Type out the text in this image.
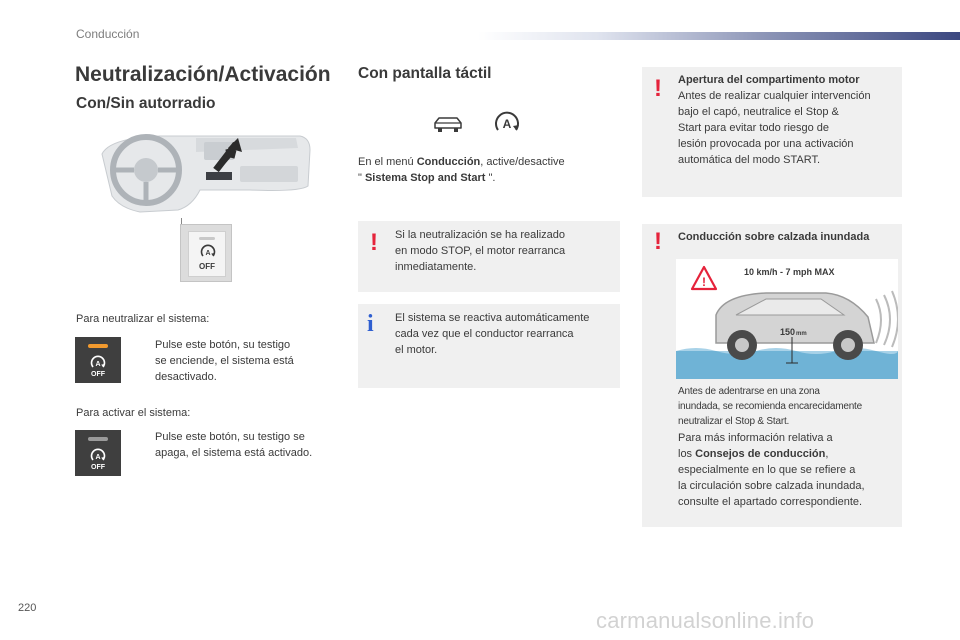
Conducción
Neutralización/Activación
Con/Sin autorradio
A
OFF
Para neutralizar el sistema:
A
OFF
Pulse este botón, su testigo
se enciende, el sistema está
desactivado.
Para activar el sistema:
A
OFF
Pulse este botón, su testigo se
apaga, el sistema está activado.
Con pantalla táctil
A
En el menú Conducción, active/desactive
" Sistema Stop and Start ".
! Si la neutralización se ha realizado
en modo STOP, el motor rearranca
inmediatamente.
i El sistema se reactiva automáticamente
cada vez que el conductor rearranca
el motor.
! Apertura del compartimento motor
Antes de realizar cualquier intervención
bajo el capó, neutralice el Stop &
Start para evitar todo riesgo de
lesión provocada por una activación
automática del modo START.
! Conducción sobre calzada inundada
!
10 km/h - 7 mph MAX
150mm
Antes de adentrarse en una zona
inundada, se recomienda encarecidamente
neutralizar el Stop & Start.
Para más información relativa a
los Consejos de conducción,
especialmente en lo que se refiere a
la circulación sobre calzada inundada,
consulte el apartado correspondiente.
220	carmanualsonline.info
